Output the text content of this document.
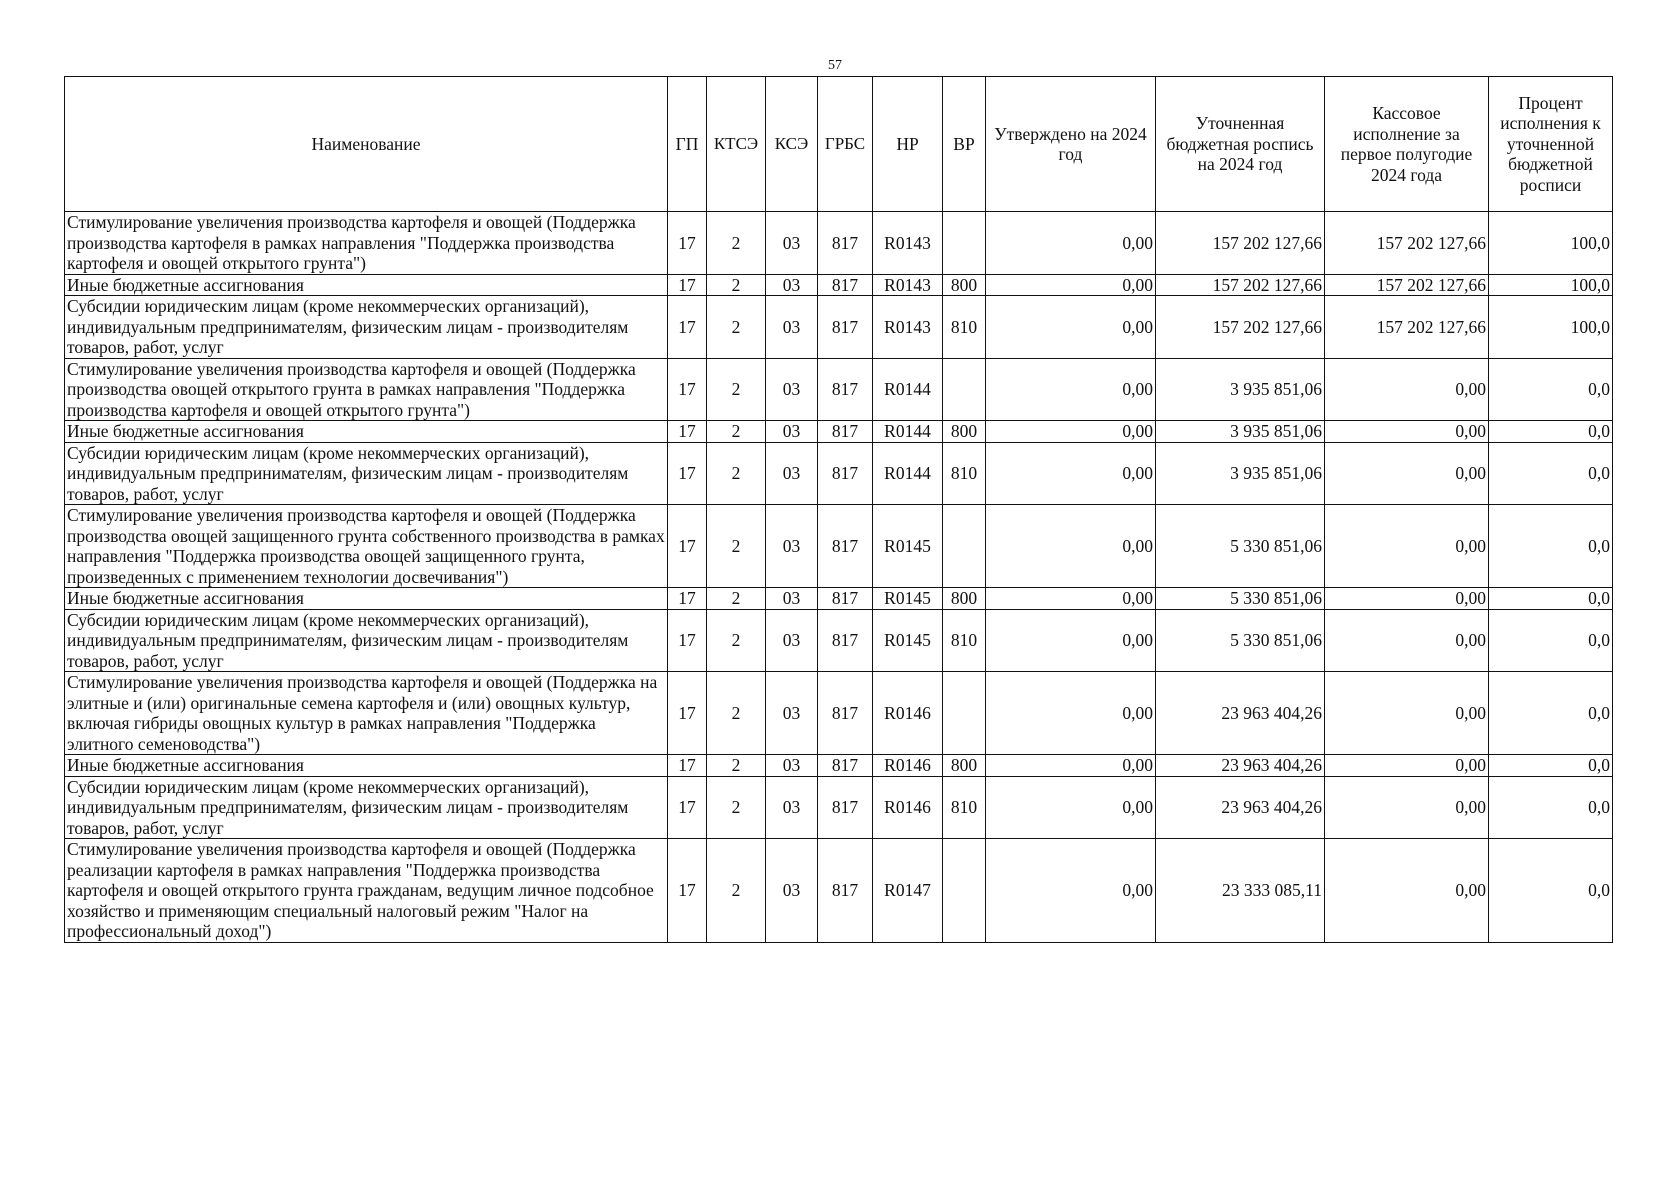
57
Наименование	ГП	КТСЭ	КСЭ	ГРБС	НР	ВР	Утверждено на 2024 год	Уточненная бюджетная роспись на 2024 год	Кассовое исполнение за первое полугодие 2024 года	Процент исполнения к уточненной бюджетной росписи
Стимулирование увеличения производства картофеля и овощей (Поддержка производства картофеля в рамках направления "Поддержка производства картофеля и овощей открытого грунта")	17	2	03	817	R0143		0,00	157 202 127,66	157 202 127,66	100,0
Иные бюджетные ассигнования	17	2	03	817	R0143	800	0,00	157 202 127,66	157 202 127,66	100,0
Субсидии юридическим лицам (кроме некоммерческих организаций), индивидуальным предпринимателям, физическим лицам - производителям товаров, работ, услуг	17	2	03	817	R0143	810	0,00	157 202 127,66	157 202 127,66	100,0
Стимулирование увеличения производства картофеля и овощей (Поддержка производства овощей открытого грунта в рамках направления "Поддержка производства картофеля и овощей открытого грунта")	17	2	03	817	R0144		0,00	3 935 851,06	0,00	0,0
Иные бюджетные ассигнования	17	2	03	817	R0144	800	0,00	3 935 851,06	0,00	0,0
Субсидии юридическим лицам (кроме некоммерческих организаций), индивидуальным предпринимателям, физическим лицам - производителям товаров, работ, услуг	17	2	03	817	R0144	810	0,00	3 935 851,06	0,00	0,0
Стимулирование увеличения производства картофеля и овощей (Поддержка производства овощей защищенного грунта собственного производства в рамках направления "Поддержка производства овощей защищенного грунта, произведенных с применением технологии досвечивания")	17	2	03	817	R0145		0,00	5 330 851,06	0,00	0,0
Иные бюджетные ассигнования	17	2	03	817	R0145	800	0,00	5 330 851,06	0,00	0,0
Субсидии юридическим лицам (кроме некоммерческих организаций), индивидуальным предпринимателям, физическим лицам - производителям товаров, работ, услуг	17	2	03	817	R0145	810	0,00	5 330 851,06	0,00	0,0
Стимулирование увеличения производства картофеля и овощей (Поддержка на элитные и (или) оригинальные семена картофеля и (или) овощных культур, включая гибриды овощных культур в рамках направления "Поддержка элитного семеноводства")	17	2	03	817	R0146		0,00	23 963 404,26	0,00	0,0
Иные бюджетные ассигнования	17	2	03	817	R0146	800	0,00	23 963 404,26	0,00	0,0
Субсидии юридическим лицам (кроме некоммерческих организаций), индивидуальным предпринимателям, физическим лицам - производителям товаров, работ, услуг	17	2	03	817	R0146	810	0,00	23 963 404,26	0,00	0,0
Стимулирование увеличения производства картофеля и овощей (Поддержка реализации картофеля в рамках направления "Поддержка производства картофеля и овощей открытого грунта гражданам, ведущим личное подсобное хозяйство и применяющим специальный налоговый режим "Налог на профессиональный доход")	17	2	03	817	R0147		0,00	23 333 085,11	0,00	0,0
